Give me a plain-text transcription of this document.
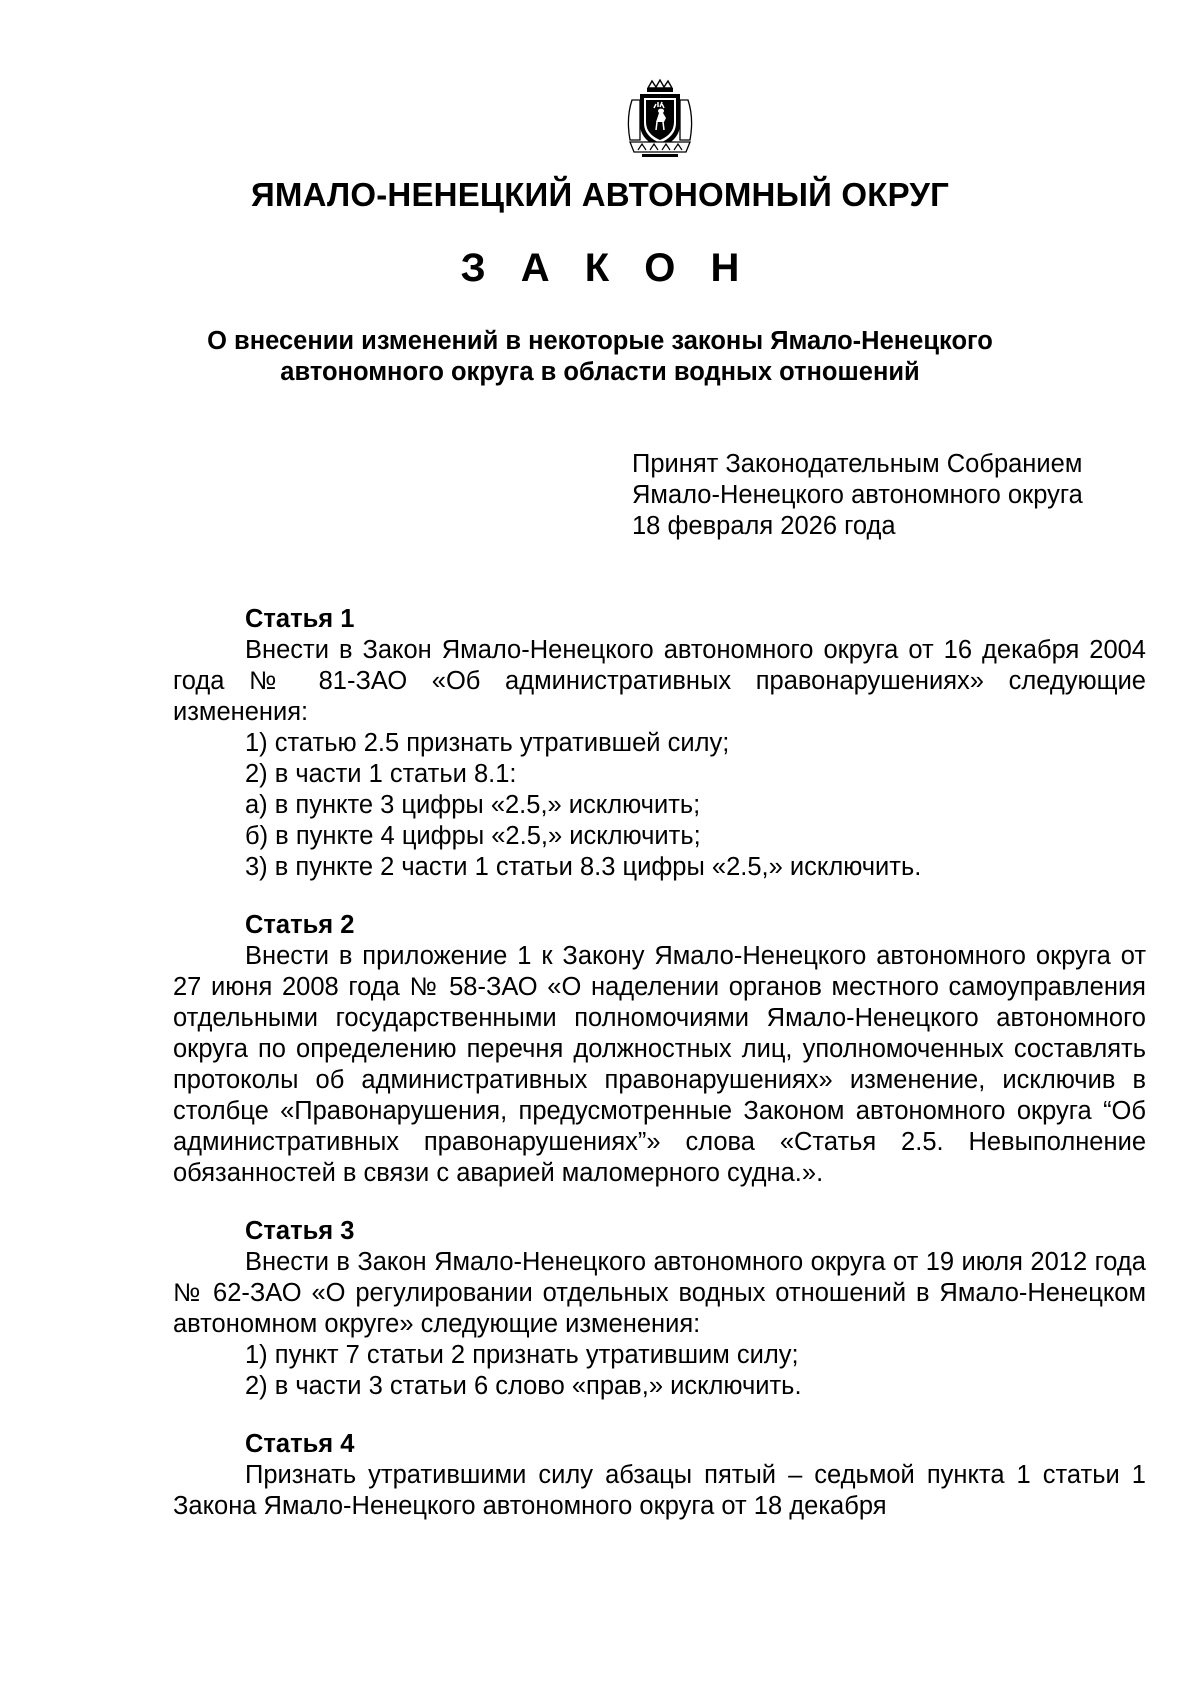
ЯМАЛО-НЕНЕЦКИЙ АВТОНОМНЫЙ ОКРУГ
З А К О Н
О внесении изменений в некоторые законы Ямало-Ненецкого
автономного округа в области водных отношений
Принят Законодательным Собранием
Ямало-Ненецкого автономного округа
18 февраля 2026 года
Статья 1

Внести в Закон Ямало-Ненецкого автономного округа от 16 декабря 2004 года № 81-ЗАО «Об административных правонарушениях» следующие изменения:

1) статью 2.5 признать утратившей силу;
2) в части 1 статьи 8.1:
а) в пункте 3 цифры «2.5,» исключить;
б) в пункте 4 цифры «2.5,» исключить;
3) в пункте 2 части 1 статьи 8.3 цифры «2.5,» исключить.
Статья 2

Внести в приложение 1 к Закону Ямало-Ненецкого автономного округа от 27 июня 2008 года № 58-ЗАО «О наделении органов местного самоуправления отдельными государственными полномочиями Ямало-Ненецкого автономного округа по определению перечня должностных лиц, уполномоченных составлять протоколы об административных правонарушениях» изменение, исключив в столбце «Правонарушения, предусмотренные Законом автономного округа “Об административных правонарушениях”» слова «Статья 2.5. Невыполнение обязанностей в связи с аварией маломерного судна.».

Статья 3

Внести в Закон Ямало-Ненецкого автономного округа от 19 июля 2012 года № 62-ЗАО «О регулировании отдельных водных отношений в Ямало-Ненецком автономном округе» следующие изменения:

1) пункт 7 статьи 2 признать утратившим силу;
2) в части 3 статьи 6 слово «прав,» исключить.
Статья 4

Признать утратившими силу абзацы пятый – седьмой пункта 1 статьи 1 Закона Ямало-Ненецкого автономного округа от 18 декабря
